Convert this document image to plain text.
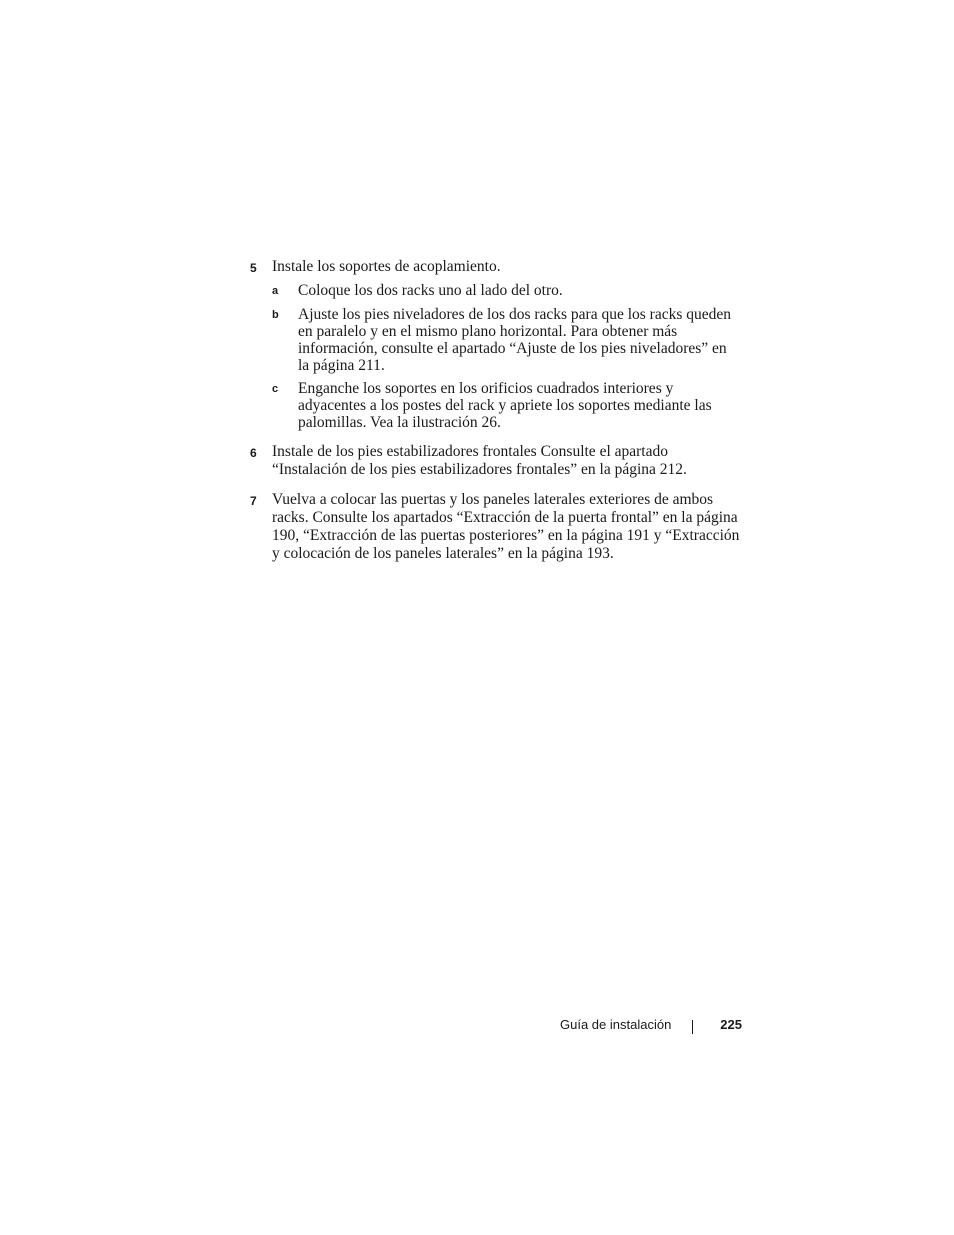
5 Instale los soportes de acoplamiento.
a	Coloque los dos racks uno al lado del otro.
b	Ajuste los pies niveladores de los dos racks para que los racks queden en paralelo y en el mismo plano horizontal. Para obtener más información, consulte el apartado “Ajuste de los pies niveladores” en la página 211.
c	Enganche los soportes en los orificios cuadrados interiores y adyacentes a los postes del rack y apriete los soportes mediante las palomillas. Vea la ilustración 26.
6 Instale de los pies estabilizadores frontales Consulte el apartado “Instalación de los pies estabilizadores frontales” en la página 212.
7 Vuelva a colocar las puertas y los paneles laterales exteriores de ambos racks. Consulte los apartados “Extracción de la puerta frontal” en la página 190, “Extracción de las puertas posteriores” en la página 191 y “Extracción y colocación de los paneles laterales” en la página 193.
Guía de instalación	225
